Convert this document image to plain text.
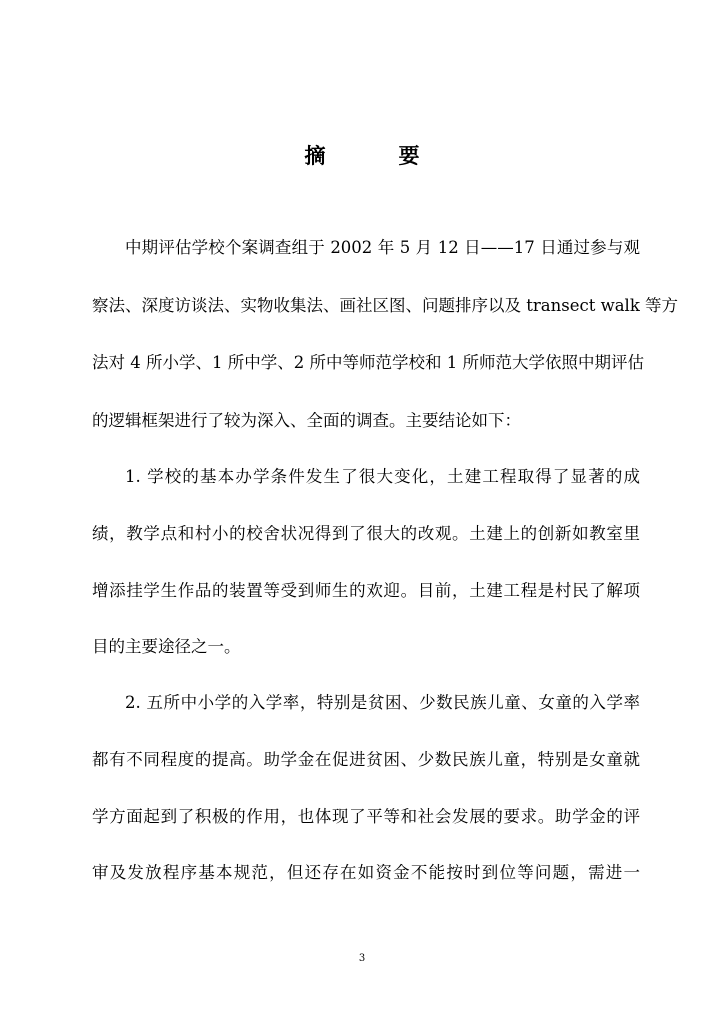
摘　要
中期评估学校个案调查组于 2002 年 5 月 12 日——17 日通过参与观
察法、深度访谈法、实物收集法、画社区图、问题排序以及 transect walk 等方
法对 4 所小学、1 所中学、2 所中等师范学校和 1 所师范大学依照中期评估
的逻辑框架进行了较为深入、全面的调查。主要结论如下：
1. 学校的基本办学条件发生了很大变化，土建工程取得了显著的成
绩，教学点和村小的校舍状况得到了很大的改观。土建上的创新如教室里
增添挂学生作品的装置等受到师生的欢迎。目前，土建工程是村民了解项
目的主要途径之一。
2. 五所中小学的入学率，特别是贫困、少数民族儿童、女童的入学率
都有不同程度的提高。助学金在促进贫困、少数民族儿童，特别是女童就
学方面起到了积极的作用，也体现了平等和社会发展的要求。助学金的评
审及发放程序基本规范，但还存在如资金不能按时到位等问题，需进一
3
